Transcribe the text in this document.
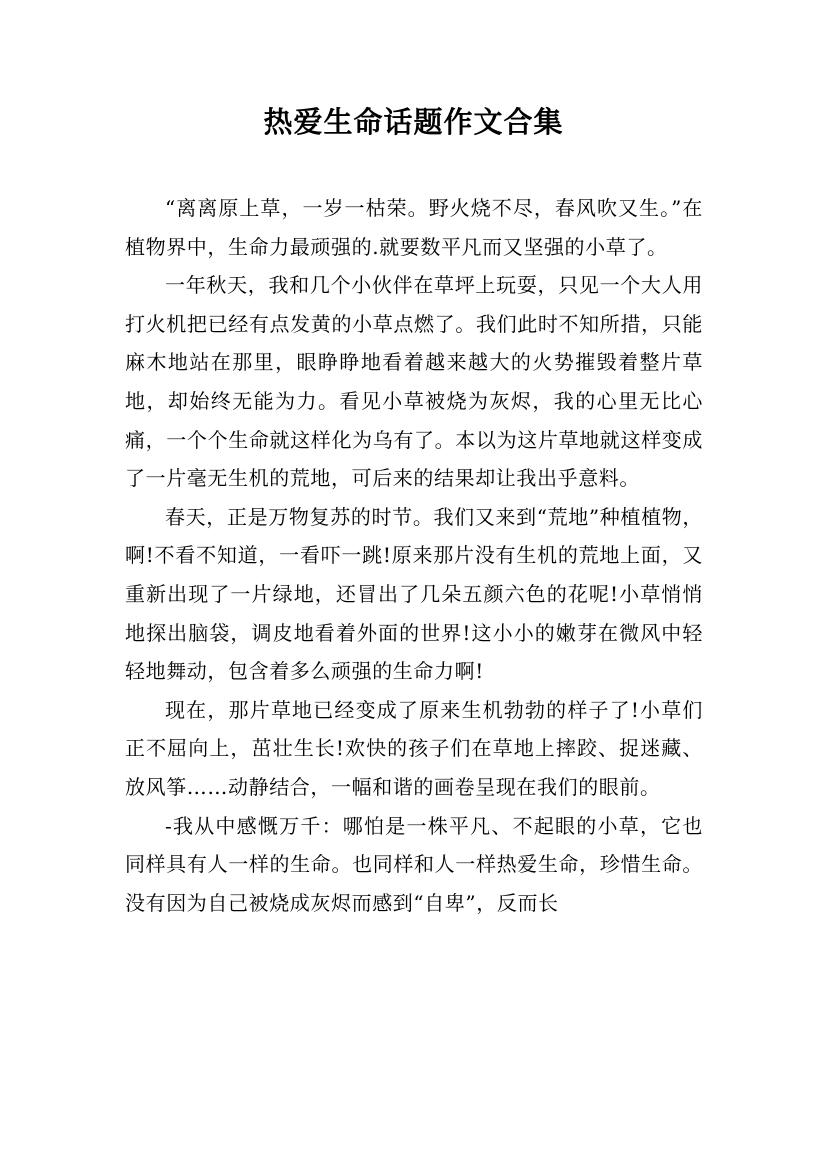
热爱生命话题作文合集

“离离原上草，一岁一枯荣。野火烧不尽，春风吹又生。”在植物界中，生命力最顽强的.就要数平凡而又坚强的小草了。

一年秋天，我和几个小伙伴在草坪上玩耍，只见一个大人用打火机把已经有点发黄的小草点燃了。我们此时不知所措，只能麻木地站在那里，眼睁睁地看着越来越大的火势摧毁着整片草地，却始终无能为力。看见小草被烧为灰烬，我的心里无比心痛，一个个生命就这样化为乌有了。本以为这片草地就这样变成了一片毫无生机的荒地，可后来的结果却让我出乎意料。

春天，正是万物复苏的时节。我们又来到“荒地”种植植物，啊!不看不知道，一看吓一跳!原来那片没有生机的荒地上面，又重新出现了一片绿地，还冒出了几朵五颜六色的花呢!小草悄悄地探出脑袋，调皮地看着外面的世界!这小小的嫩芽在微风中轻轻地舞动，包含着多么顽强的生命力啊!

现在，那片草地已经变成了原来生机勃勃的样子了!小草们正不屈向上，茁壮生长!欢快的孩子们在草地上摔跤、捉迷藏、放风筝……动静结合，一幅和谐的画卷呈现在我们的眼前。

-我从中感慨万千：哪怕是一株平凡、不起眼的小草，它也同样具有人一样的生命。也同样和人一样热爱生命，珍惜生命。没有因为自己被烧成灰烬而感到“自卑”，反而长
